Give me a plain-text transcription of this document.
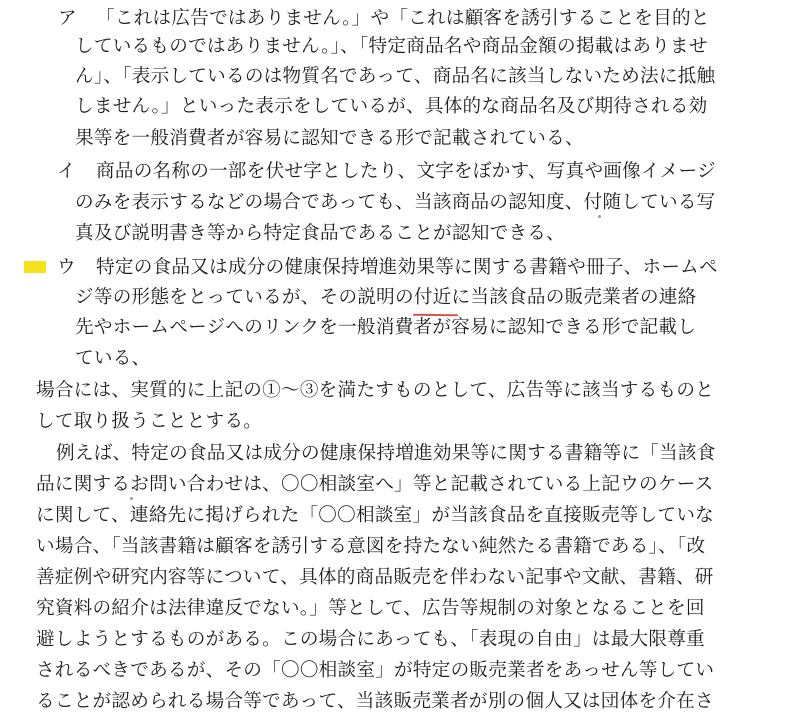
ア 「これは広告ではありません。」や「これは顧客を誘引することを目的と
しているものではありません。」、「特定商品名や商品金額の掲載はありませ
ん」、「表示しているのは物質名であって、商品名に該当しないため法に抵触
しません。」といった表示をしているが、具体的な商品名及び期待される効
果等を一般消費者が容易に認知できる形で記載されている、
イ 商品の名称の一部を伏せ字としたり、文字をぼかす、写真や画像イメージ
のみを表示するなどの場合であっても、当該商品の認知度、付随している写
真及び説明書き等から特定食品であることが認知できる、
ウ 特定の食品又は成分の健康保持増進効果等に関する書籍や冊子、ホームペ
ジ等の形態をとっているが、その説明の付近に当該食品の販売業者の連絡
先やホームページへのリンクを一般消費者が容易に認知できる形で記載し
ている、
場合には、実質的に上記の①～③を満たすものとして、広告等に該当するものと
して取り扱うこととする。
例えば、特定の食品又は成分の健康保持増進効果等に関する書籍等に「当該食
品に関するお問い合わせは、〇〇相談室へ」等と記載されている上記ウのケース
に関して、連絡先に掲げられた「〇〇相談室」が当該食品を直接販売等していな
い場合、「当該書籍は顧客を誘引する意図を持たない純然たる書籍である」、「改
善症例や研究内容等について、具体的商品販売を伴わない記事や文献、書籍、研
究資料の紹介は法律違反でない。」等として、広告等規制の対象となることを回
避しようとするものがある。この場合にあっても、「表現の自由」は最大限尊重
されるべきであるが、その「〇〇相談室」が特定の販売業者をあっせん等してい
ることが認められる場合等であって、当該販売業者が別の個人又は団体を介在さ
